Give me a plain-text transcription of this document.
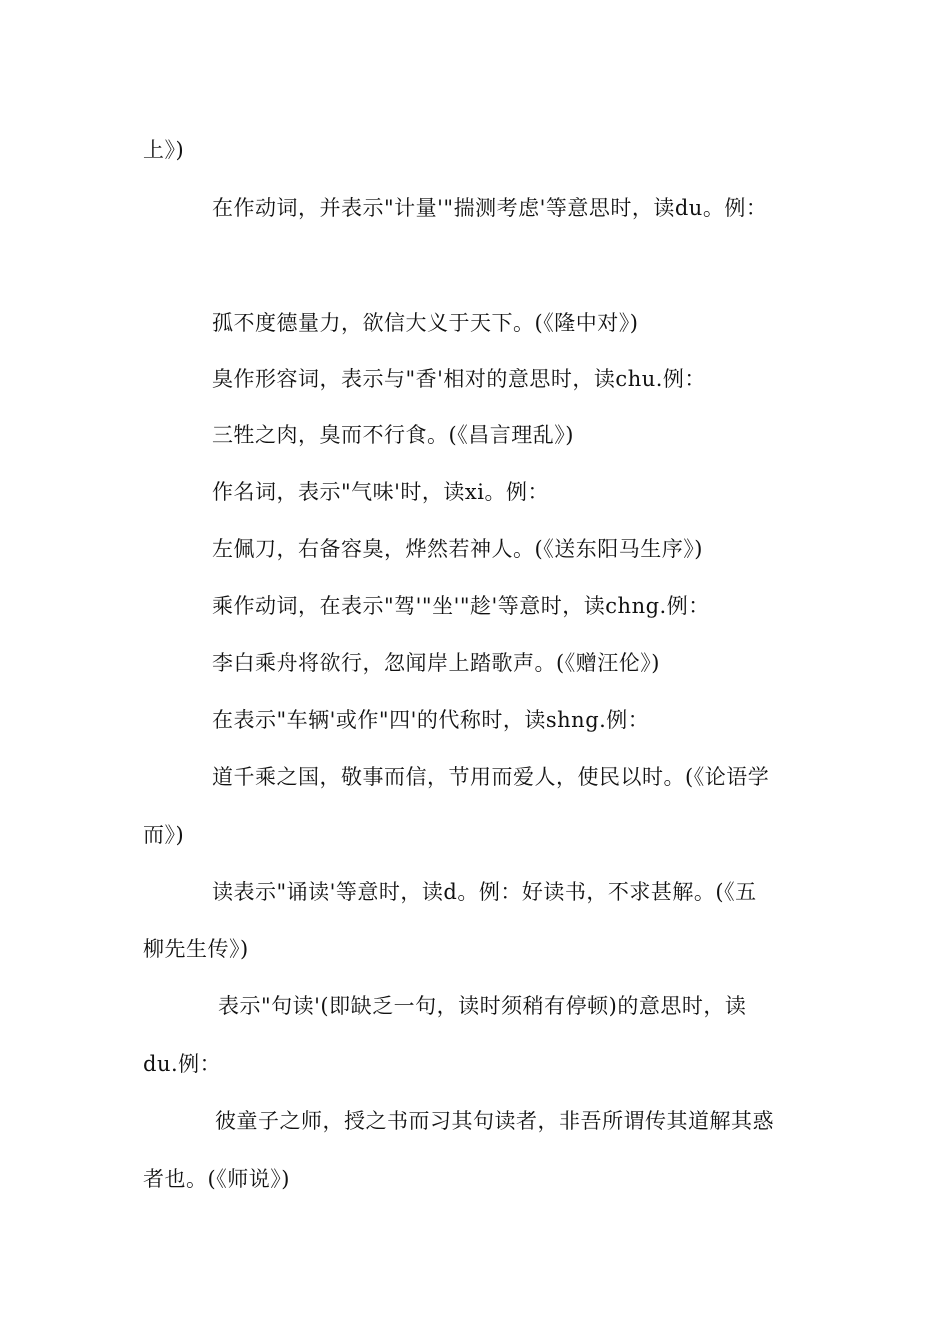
上》)
在作动词，并表示"计量'"揣测考虑'等意思时，读du。例：
孤不度德量力，欲信大义于天下。(《隆中对》)
臭作形容词，表示与"香'相对的意思时，读chu.例：
三牲之肉，臭而不行食。(《昌言理乱》)
作名词，表示"气味'时，读xi。例：
左佩刀，右备容臭，烨然若神人。(《送东阳马生序》)
乘作动词，在表示"驾'"坐'"趁'等意时，读chng.例：
李白乘舟将欲行，忽闻岸上踏歌声。(《赠汪伦》)
在表示"车辆'或作"四'的代称时，读shng.例：
道千乘之国，敬事而信，节用而爱人，使民以时。(《论语学
而》)
读表示"诵读'等意时，读d。例：好读书，不求甚解。(《五
柳先生传》)
表示"句读'(即缺乏一句，读时须稍有停顿)的意思时，读
du.例：
彼童子之师，授之书而习其句读者，非吾所谓传其道解其惑
者也。(《师说》)
